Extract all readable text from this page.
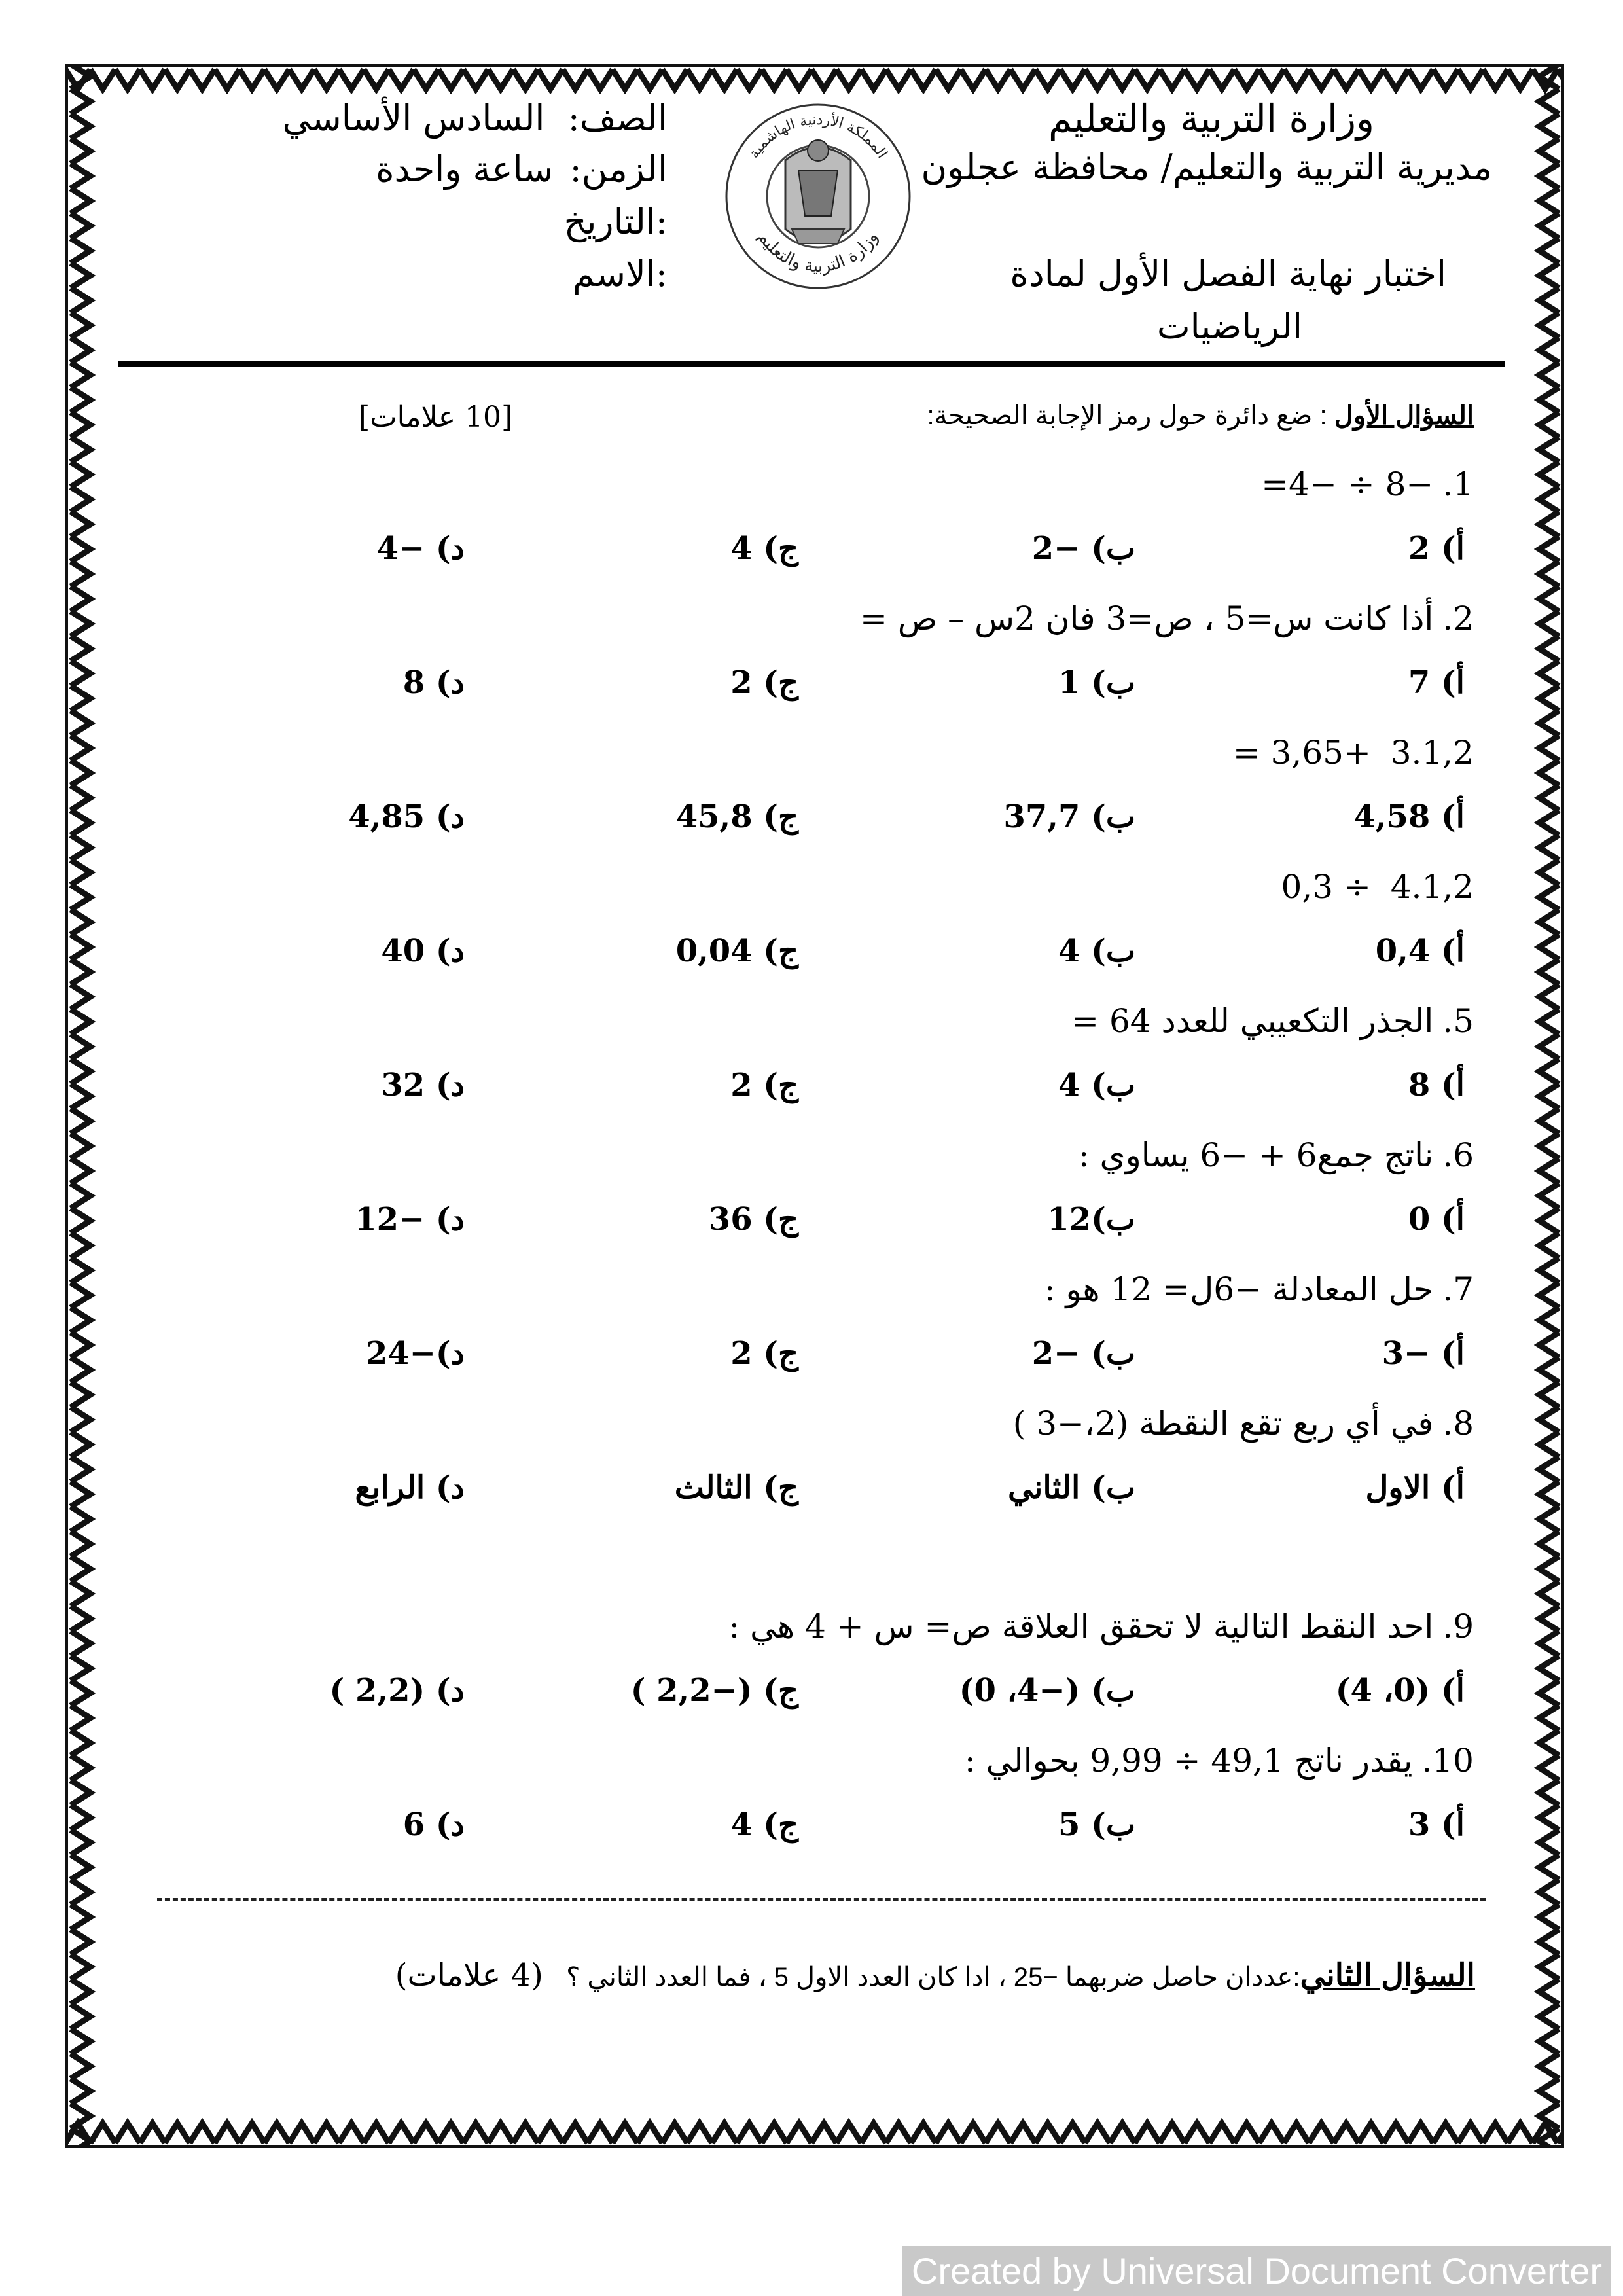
وزارة التربية والتعليم
مديرية التربية والتعليم/ محافظة عجلون
اختبار نهاية الفصل الأول لمادة
الرياضيات
المملكة الأردنية الهاشمية
وزارة التربية والتعليم
الصف: السادس الأساسي
الزمن: ساعة واحدة
التاريخ:
الاسم:
السؤال الأول : ضع دائرة حول رمز الإجابة الصحيحة:
[10 علامات]
1.−8 ÷ −4=
أ) 2
ب) −2
ج) 4
د) −4
2.أذا كانت س=5 ، ص=3 فان 2س – ص =
أ) 7
ب) 1
ج) 2
د) 8
3.1,2 +3,65 =
أ) 4,58
ب) 37,7
ج) 45,8
د) 4,85
4.1,2 ÷ 0,3
أ) 0,4
ب) 4
ج) 0,04
د) 40
5.الجذر التكعيبي للعدد 64 =
أ) 8
ب) 4
ج) 2
د) 32
6.ناتج جمع6 + −6 يساوي :
أ) 0
ب)12
ج) 36
د) −12
7.حل المعادلة −6ل= 12 هو :
أ) −3
ب) −2
ج) 2
د)−24
8.في أي ربع تقع النقطة (2،−3 )
أ) الاول
ب) الثاني
ج) الثالث
د) الرابع
9.احد النقط التالية لا تحقق العلاقة ص= س + 4 هي :
أ) (0، 4)
ب) (−4، 0)
ج) (−2,2 )
د) (2,2 )
10.يقدر ناتج 49,1 ÷ 9,99 بحوالي :
أ) 3
ب) 5
ج) 4
د) 6
السؤال الثاني:عددان حاصل ضربهما −25 ، ادا كان العدد الاول 5 ، فما العدد الثاني ؟ (4 علامات)
Created by Universal Document Converter
